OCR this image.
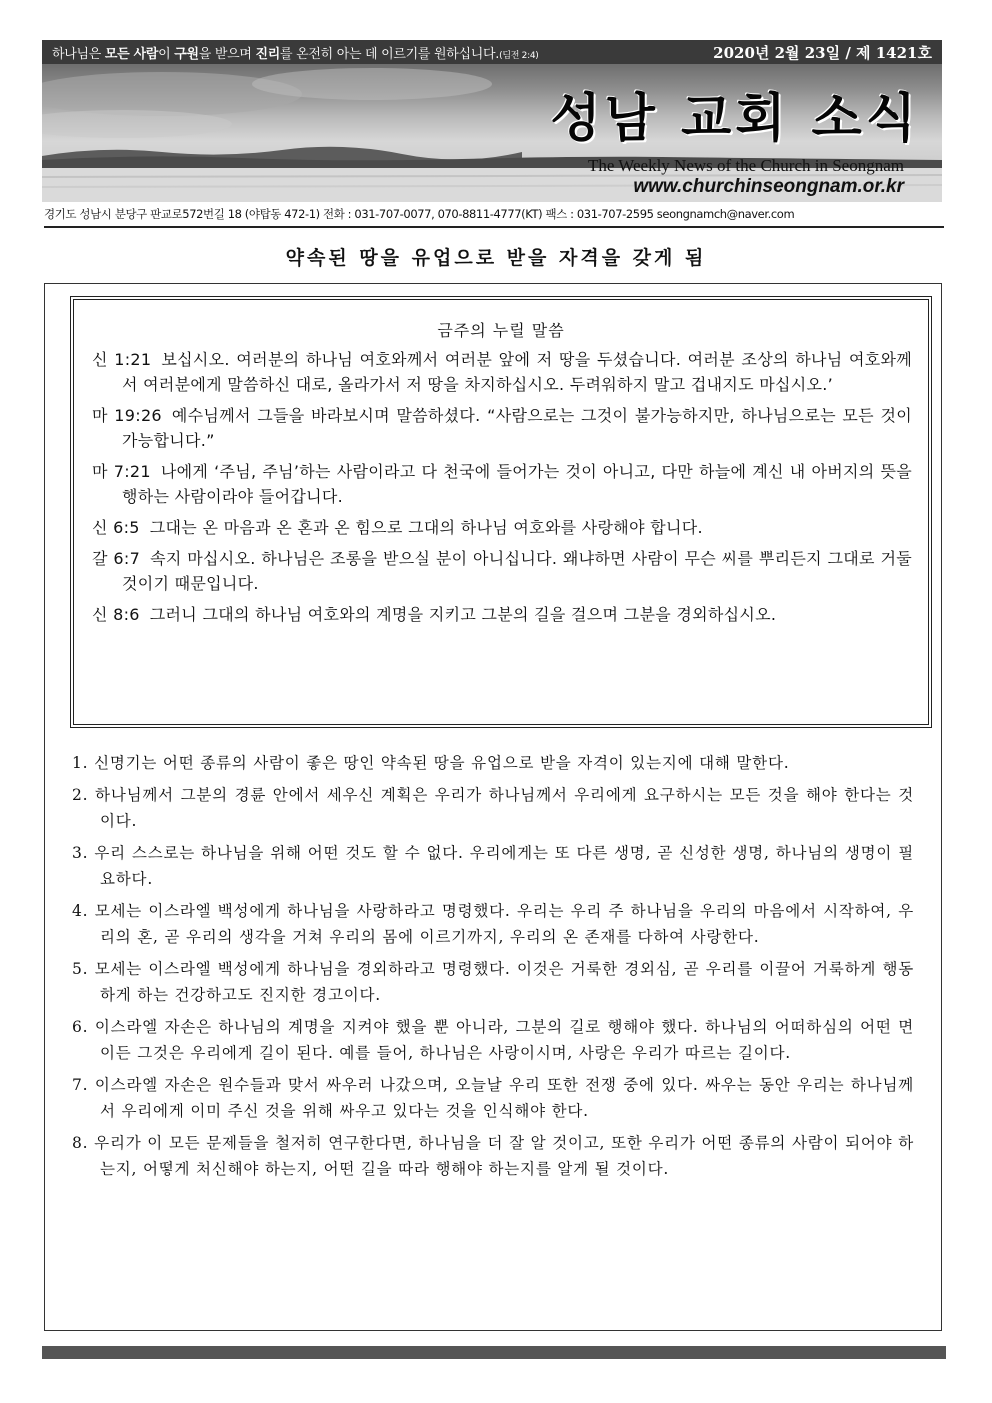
하나님은 모든 사람이 구원을 받으며 진리를 온전히 아는 데 이르기를 원하십니다.(딤전 2:4)	2020년 2월 23일 / 제 1421호
성남 교회 소식
The Weekly News of the Church in Seongnam
www.churchinseongnam.or.kr
경기도 성남시 분당구 판교로572번길 18 (야탑동 472-1) 전화 : 031-707-0077, 070-8811-4777(KT) 팩스 : 031-707-2595 seongnamch@naver.com
약속된 땅을 유업으로 받을 자격을 갖게 됨
금주의 누릴 말씀

신 1:21 보십시오. 여러분의 하나님 여호와께서 여러분 앞에 저 땅을 두셨습니다. 여러분 조상의 하나님 여호와께서 여러분에게 말씀하신 대로, 올라가서 저 땅을 차지하십시오. 두려워하지 말고 겁내지도 마십시오.’

마 19:26 예수님께서 그들을 바라보시며 말씀하셨다. “사람으로는 그것이 불가능하지만, 하나님으로는 모든 것이 가능합니다.”

마 7:21 나에게 ‘주님, 주님’하는 사람이라고 다 천국에 들어가는 것이 아니고, 다만 하늘에 계신 내 아버지의 뜻을 행하는 사람이라야 들어갑니다.

신 6:5 그대는 온 마음과 온 혼과 온 힘으로 그대의 하나님 여호와를 사랑해야 합니다.

갈 6:7 속지 마십시오. 하나님은 조롱을 받으실 분이 아니십니다. 왜냐하면 사람이 무슨 씨를 뿌리든지 그대로 거둘 것이기 때문입니다.

신 8:6 그러니 그대의 하나님 여호와의 계명을 지키고 그분의 길을 걸으며 그분을 경외하십시오.

1. 신명기는 어떤 종류의 사람이 좋은 땅인 약속된 땅을 유업으로 받을 자격이 있는지에 대해 말한다.
2. 하나님께서 그분의 경륜 안에서 세우신 계획은 우리가 하나님께서 우리에게 요구하시는 모든 것을 해야 한다는 것이다.
3. 우리 스스로는 하나님을 위해 어떤 것도 할 수 없다. 우리에게는 또 다른 생명, 곧 신성한 생명, 하나님의 생명이 필요하다.
4. 모세는 이스라엘 백성에게 하나님을 사랑하라고 명령했다. 우리는 우리 주 하나님을 우리의 마음에서 시작하여, 우리의 혼, 곧 우리의 생각을 거쳐 우리의 몸에 이르기까지, 우리의 온 존재를 다하여 사랑한다.
5. 모세는 이스라엘 백성에게 하나님을 경외하라고 명령했다. 이것은 거룩한 경외심, 곧 우리를 이끌어 거룩하게 행동하게 하는 건강하고도 진지한 경고이다.
6. 이스라엘 자손은 하나님의 계명을 지켜야 했을 뿐 아니라, 그분의 길로 행해야 했다. 하나님의 어떠하심의 어떤 면이든 그것은 우리에게 길이 된다. 예를 들어, 하나님은 사랑이시며, 사랑은 우리가 따르는 길이다.
7. 이스라엘 자손은 원수들과 맞서 싸우러 나갔으며, 오늘날 우리 또한 전쟁 중에 있다. 싸우는 동안 우리는 하나님께서 우리에게 이미 주신 것을 위해 싸우고 있다는 것을 인식해야 한다.
8. 우리가 이 모든 문제들을 철저히 연구한다면, 하나님을 더 잘 알 것이고, 또한 우리가 어떤 종류의 사람이 되어야 하는지, 어떻게 처신해야 하는지, 어떤 길을 따라 행해야 하는지를 알게 될 것이다.
